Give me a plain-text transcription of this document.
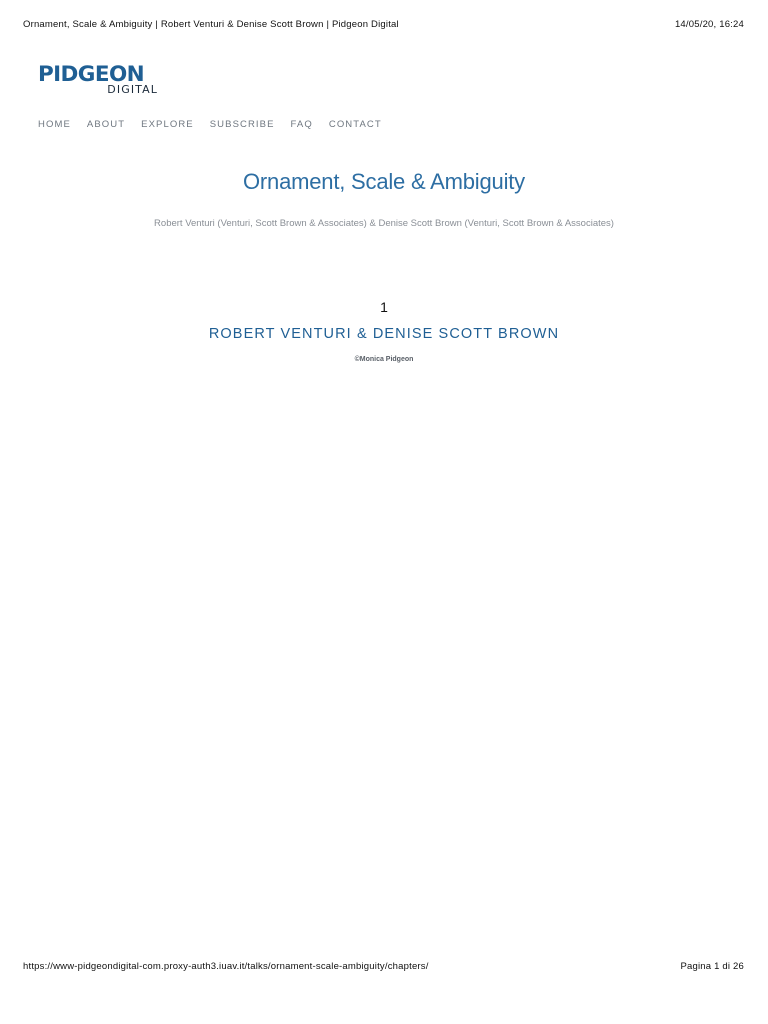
Ornament, Scale & Ambiguity | Robert Venturi & Denise Scott Brown | Pidgeon Digital	14/05/20, 16:24
PIDGEON
DIGITAL
HOME ABOUT EXPLORE SUBSCRIBE FAQ CONTACT
Ornament, Scale & Ambiguity

Robert Venturi (Venturi, Scott Brown & Associates) & Denise Scott Brown (Venturi, Scott Brown & Associates)

1
ROBERT VENTURI & DENISE SCOTT BROWN
©Monica Pidgeon
https://www-pidgeondigital-com.proxy-auth3.iuav.it/talks/ornament-scale-ambiguity/chapters/	Pagina 1 di 26
